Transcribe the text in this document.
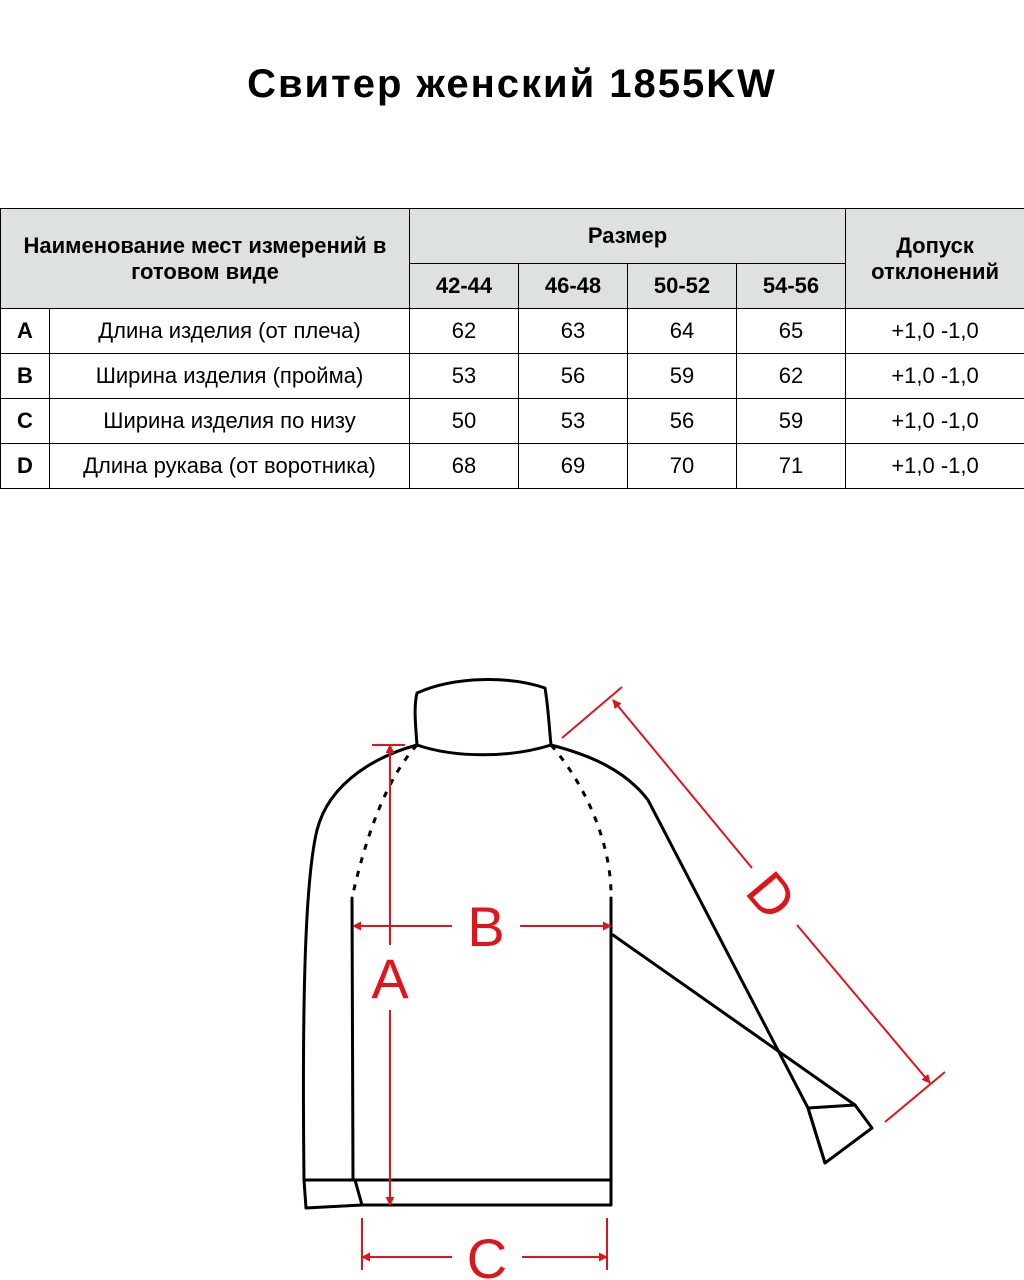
Свитер женский 1855KW
Наименование мест измерений в готовом виде		Размер				Допуск отклонений
		42-44	46-48	50-52	54-56	
A	Длина изделия (от плеча)	62	63	64	65	+1,0 -1,0
B	Ширина изделия (пройма)	53	56	59	62	+1,0 -1,0
C	Ширина изделия по низу	50	53	56	59	+1,0 -1,0
D	Длина рукава (от воротника)	68	69	70	71	+1,0 -1,0
A
B
C
D
